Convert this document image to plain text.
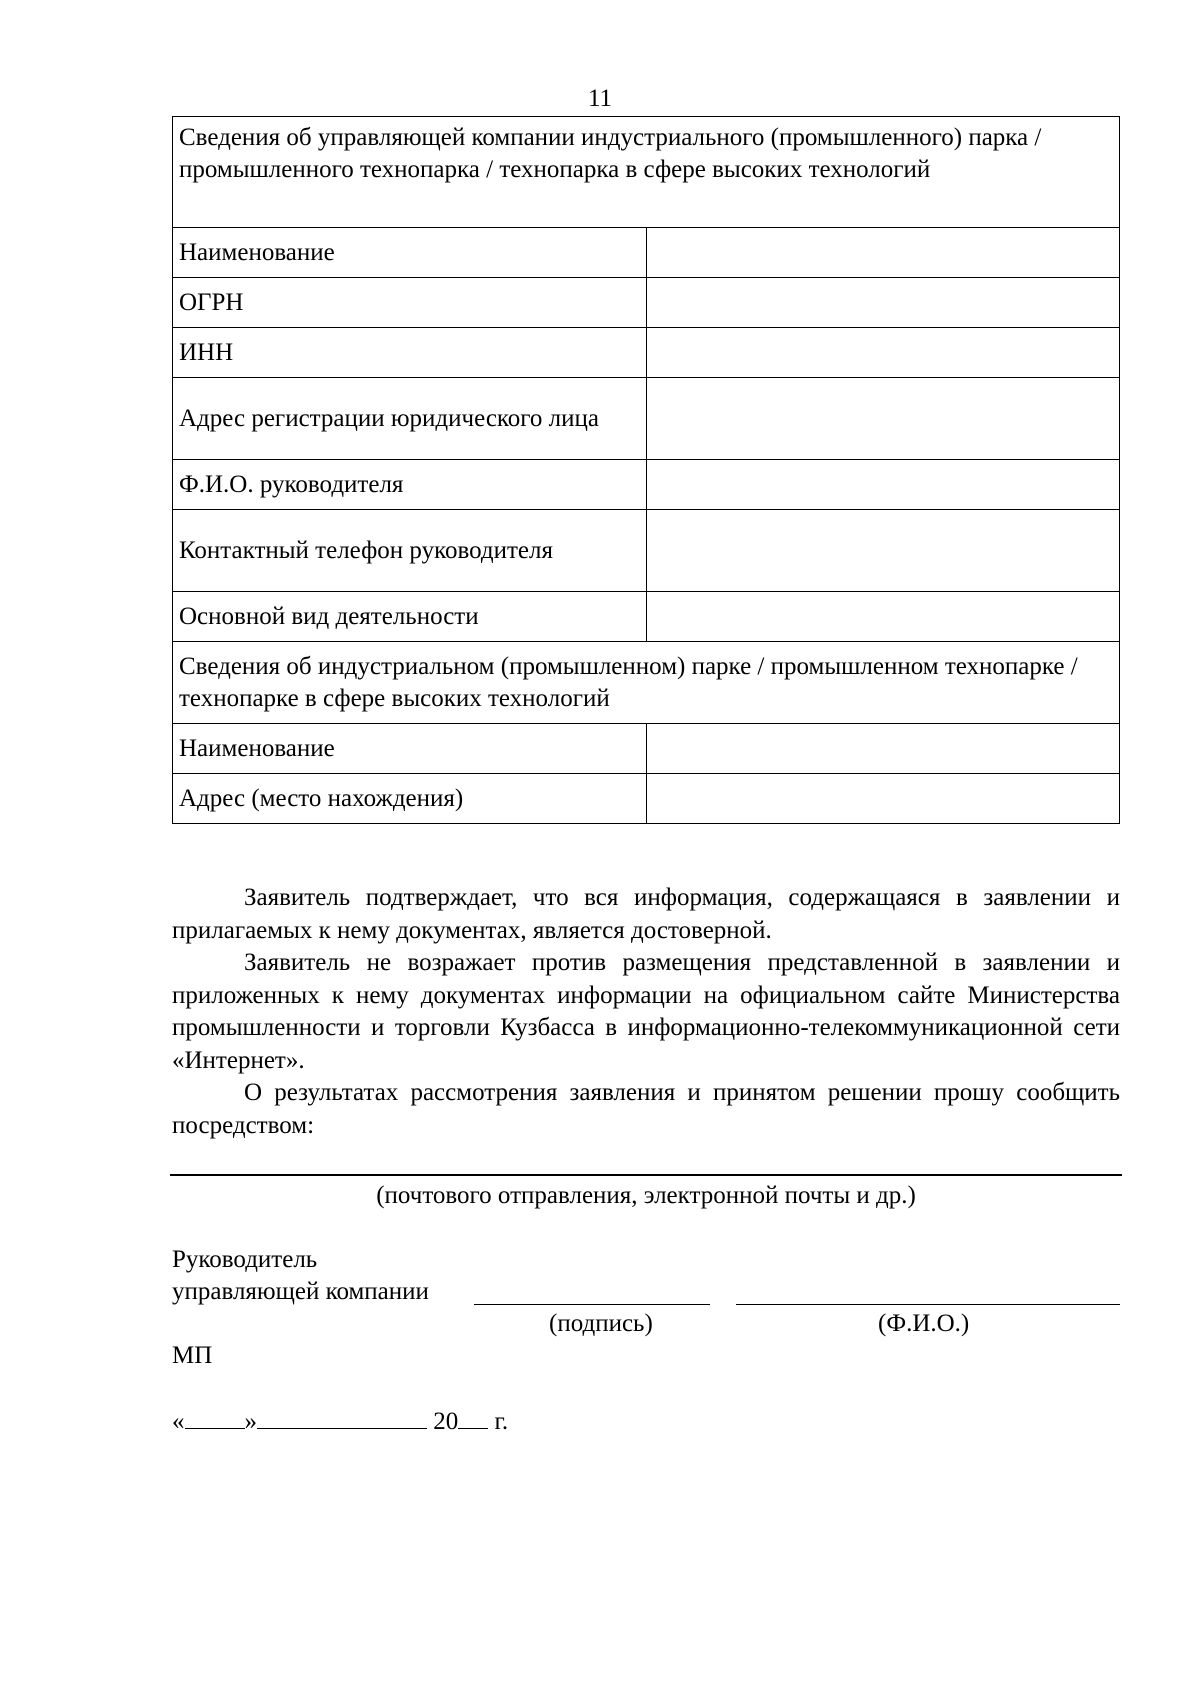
11
Сведения об управляющей компании индустриального (промышленного) парка / промышленного технопарка / технопарка в сфере высоких технологий	
Наименование	
ОГРН	
ИНН	
Адрес регистрации юридического лица	
Ф.И.О. руководителя	
Контактный телефон руководителя	
Основной вид деятельности	
Сведения об индустриальном (промышленном) парке / промышленном технопарке / технопарке в сфере высоких технологий	
Наименование	
Адрес (место нахождения)	

Заявитель подтверждает, что вся информация, содержащаяся в заявлении и прилагаемых к нему документах, является достоверной.

Заявитель не возражает против размещения представленной в заявлении и приложенных к нему документах информации на официальном сайте Министерства промышленности и торговли Кузбасса в информационно-телекоммуникационной сети «Интернет».

О результатах рассмотрения заявления и принятом решении прошу сообщить посредством:

(почтового отправления, электронной почты и др.)
Руководитель
управляющей компании
(подпись)	(Ф.И.О.)
МП
« »	20 г.
